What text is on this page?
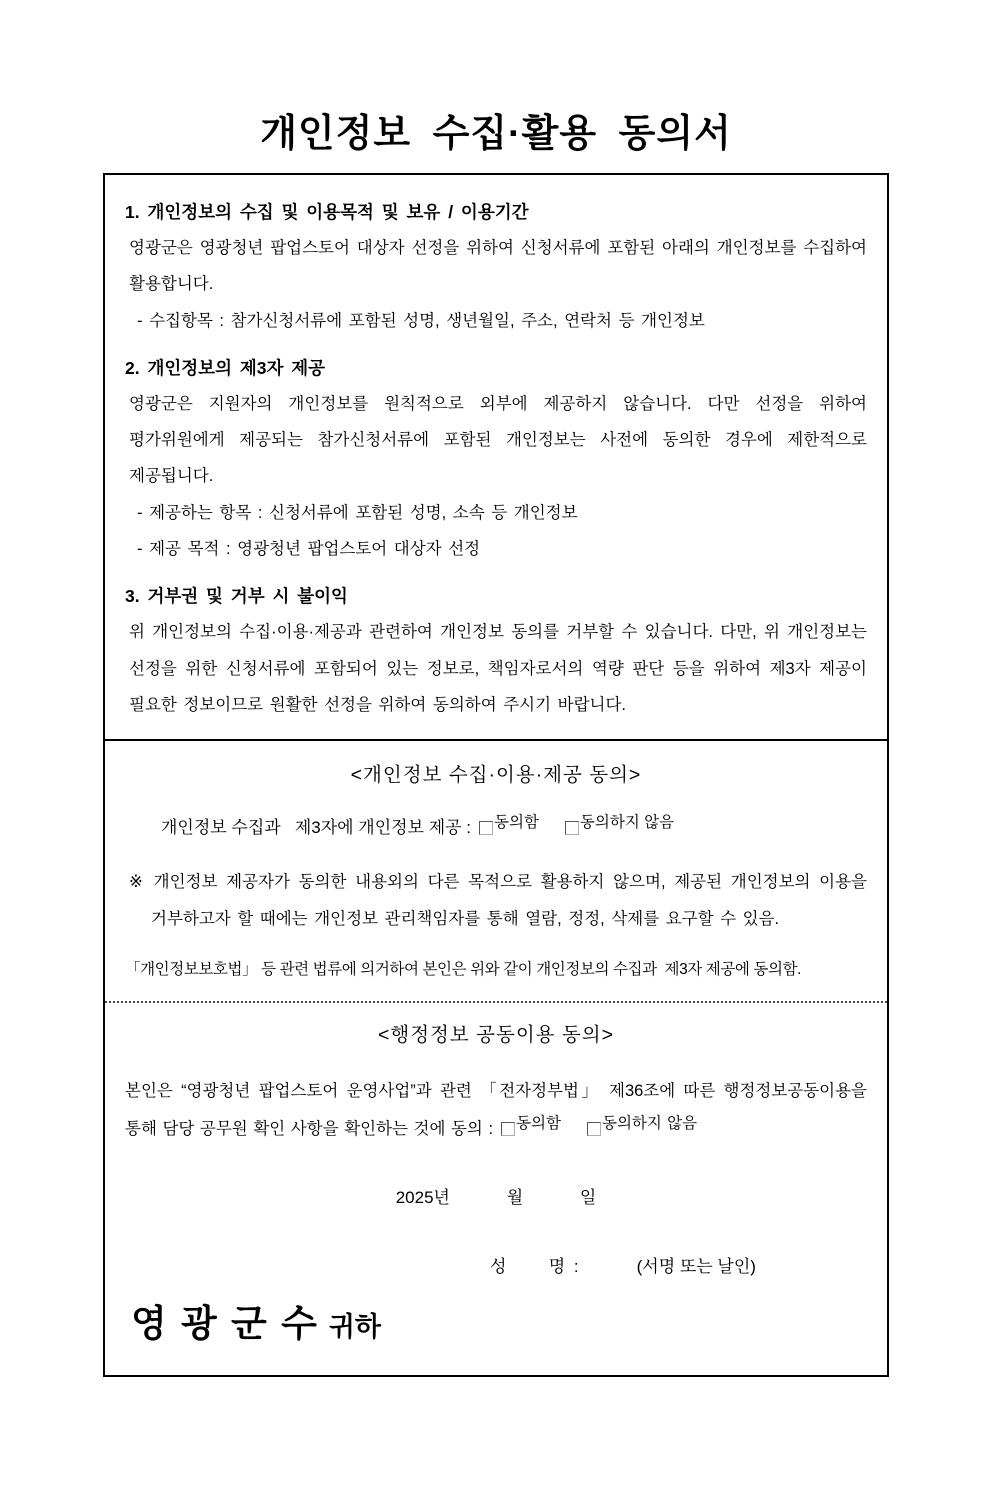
개인정보 수집·활용 동의서
1. 개인정보의 수집 및 이용목적 및 보유 / 이용기간
영광군은 영광청년 팝업스토어 대상자 선정을 위하여 신청서류에 포함된 아래의 개인정보를 수집하여 활용합니다.
- 수집항목 : 참가신청서류에 포함된 성명, 생년월일, 주소, 연락처 등 개인정보
2. 개인정보의 제3자 제공
영광군은 지원자의 개인정보를 원칙적으로 외부에 제공하지 않습니다. 다만 선정을 위하여 평가위원에게 제공되는 참가신청서류에 포함된 개인정보는 사전에 동의한 경우에 제한적으로 제공됩니다.
- 제공하는 항목 : 신청서류에 포함된 성명, 소속 등 개인정보
- 제공 목적 : 영광청년 팝업스토어 대상자 선정
3. 거부권 및 거부 시 불이익
위 개인정보의 수집·이용·제공과 관련하여 개인정보 동의를 거부할 수 있습니다. 다만, 위 개인정보는 선정을 위한 신청서류에 포함되어 있는 정보로, 책임자로서의 역량 판단 등을 위하여 제3자 제공이 필요한 정보이므로 원활한 선정을 위하여 동의하여 주시기 바랍니다.
<개인정보 수집·이용·제공 동의>
개인정보 수집과   제3자에 개인정보 제공 : 동의함	동의하지 않음
※ 개인정보 제공자가 동의한 내용외의 다른 목적으로 활용하지 않으며, 제공된 개인정보의 이용을 거부하고자 할 때에는 개인정보 관리책임자를 통해 열람, 정정, 삭제를 요구할 수 있음.
「개인정보보호법」 등 관련 법류에 의거하여 본인은 위와 같이 개인정보의 수집과  제3자 제공에 동의함.
<행정정보 공동이용 동의>
본인은 “영광청년 팝업스토어 운영사업”과 관련 「전자정부법」 제36조에 따른 행정정보공동이용을 통해 담당 공무원 확인 사항을 확인하는 것에 동의 : 동의함	동의하지 않음
2025년	월	일
성      명 :	(서명 또는 날인)
영 광 군 수 귀하
